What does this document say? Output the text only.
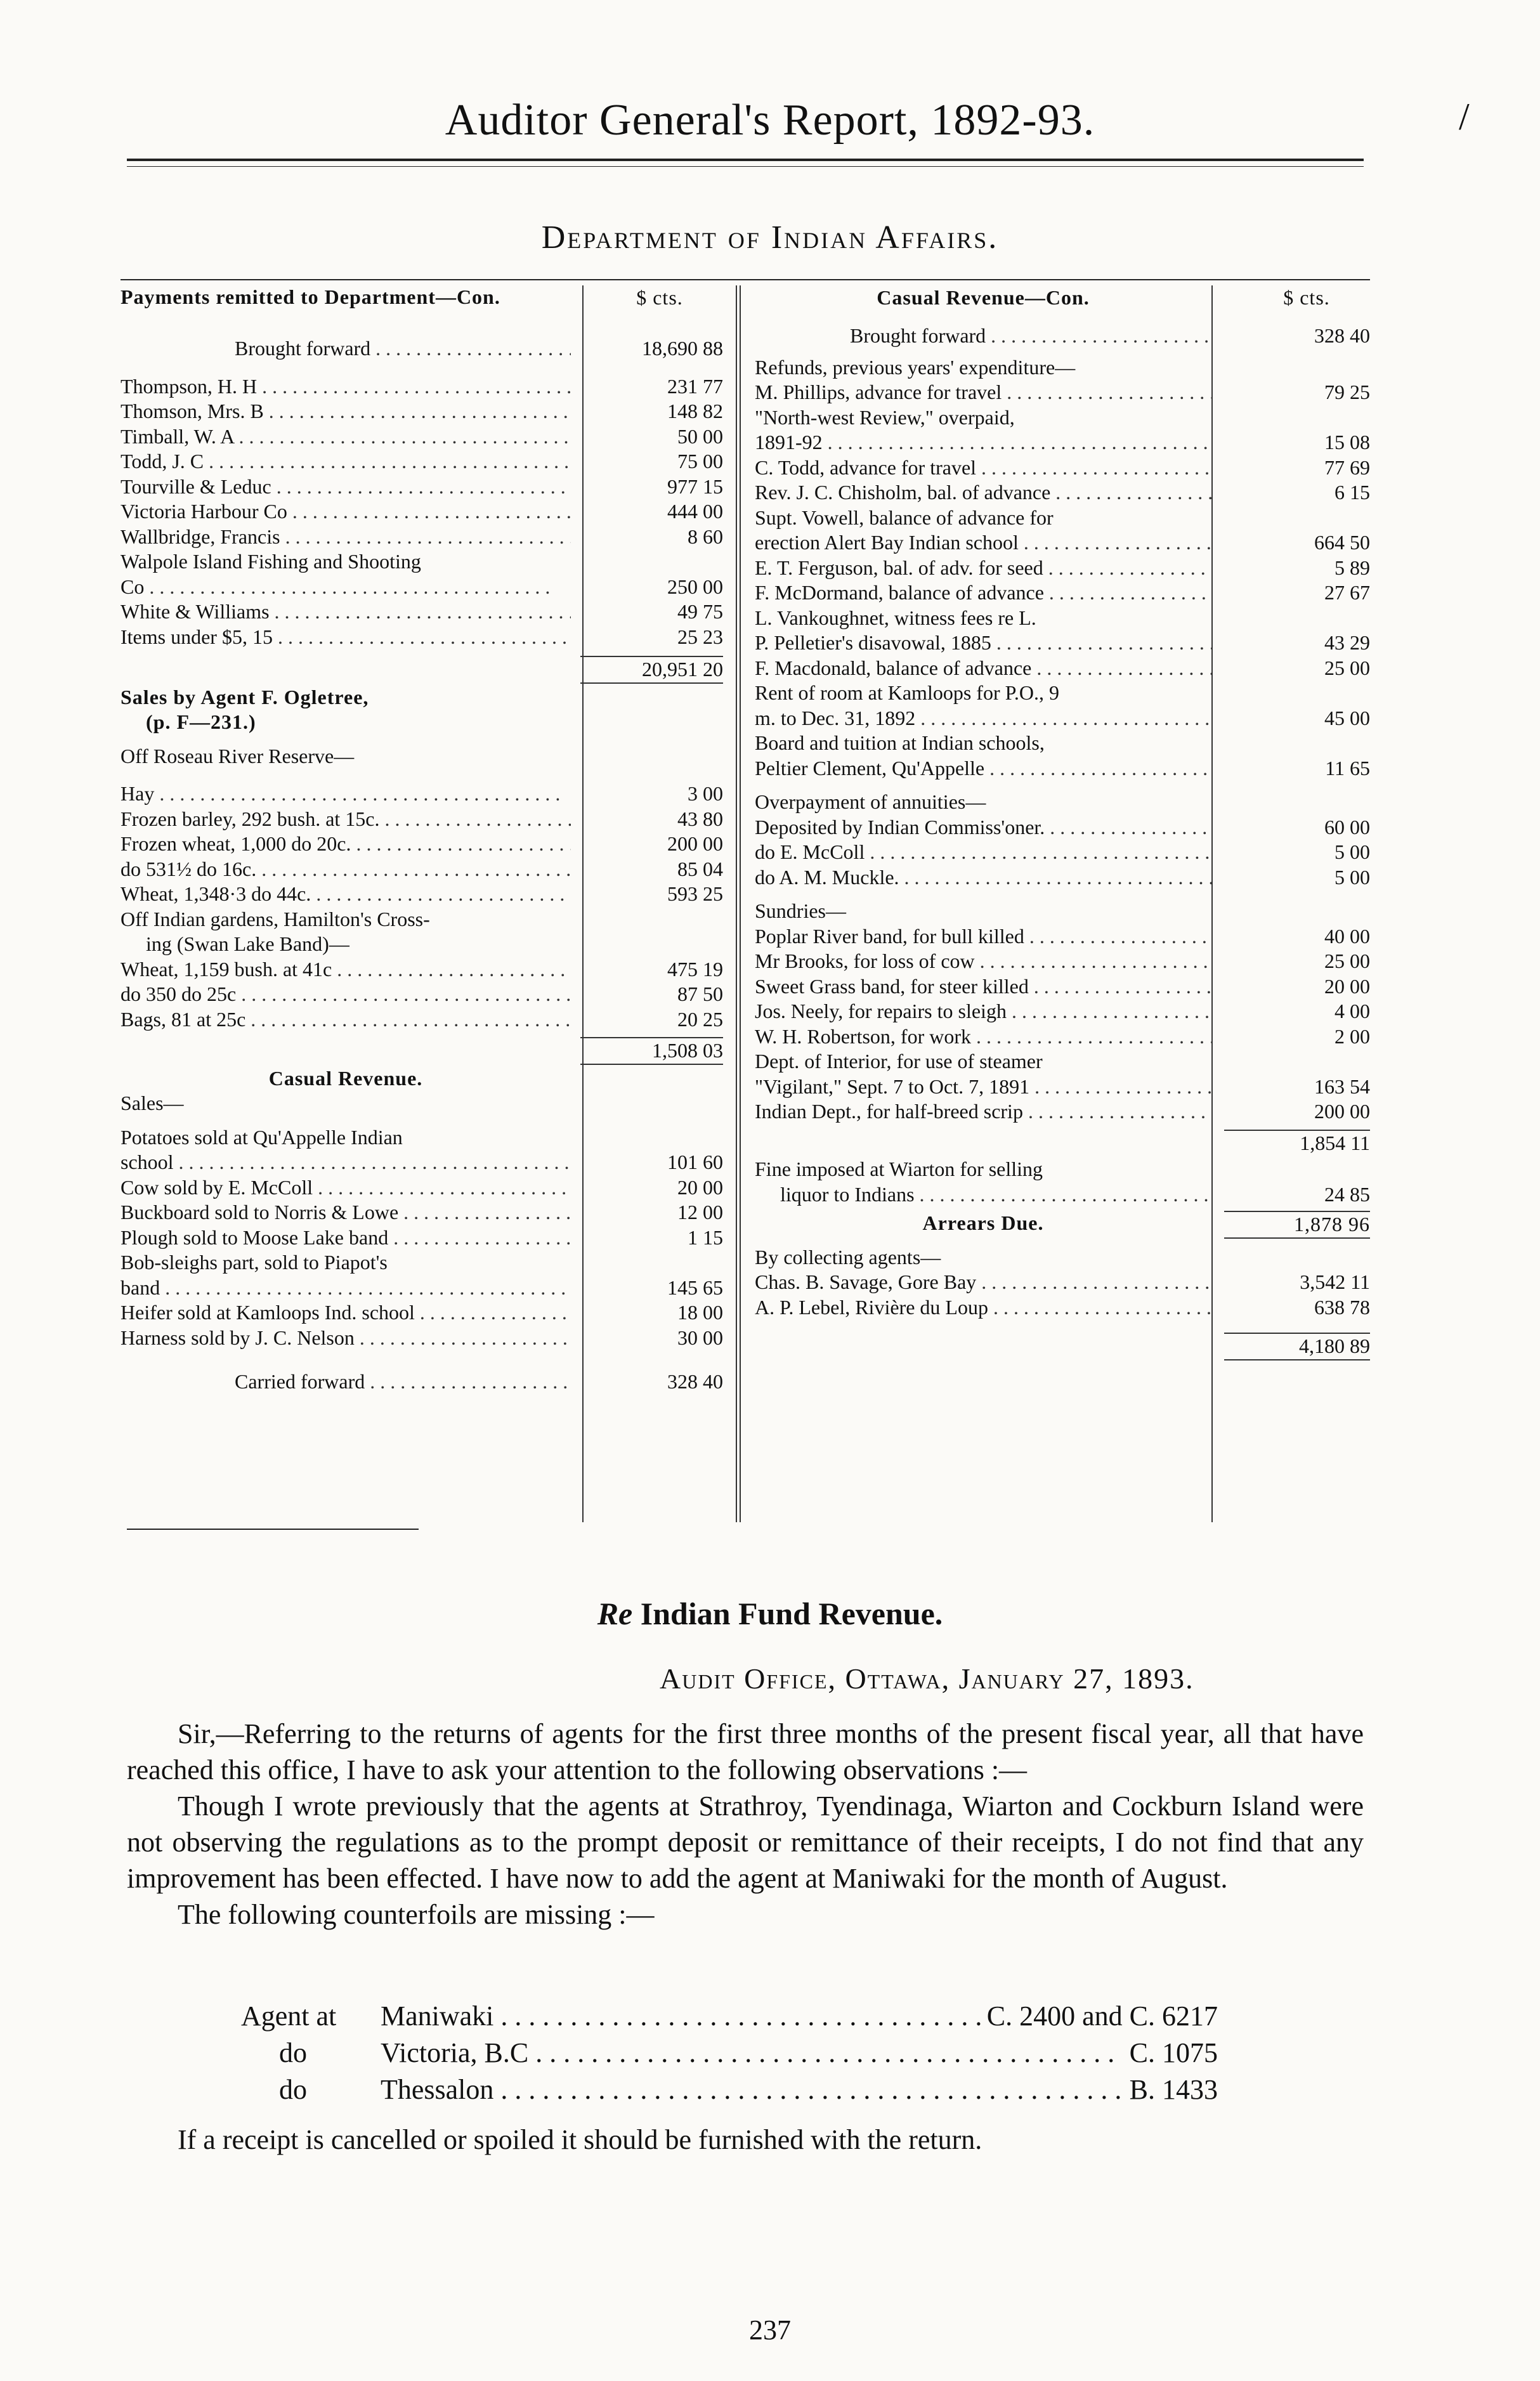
Auditor General's Report, 1892-93.	/
Department of Indian Affairs.
Payments remitted to Department—Con.	$ cts.
Brought forward . . .	18,690 88
Thompson, H. H . . .	231 77
Thomson, Mrs. B . . .	148 82
Timball, W. A . . .	50 00
Todd, J. C . . .	75 00
Tourville & Leduc . . .	977 15
Victoria Harbour Co . . .	444 00
Wallbridge, Francis . . .	8 60
Walpole Island Fishing and Shooting
Co . . .	250 00
White & Williams . . .	49 75
Items under $5, 15 . . .	25 23
20,951 20
Sales by Agent F. Ogletree,
(p. F—231.)
Off Roseau River Reserve—
Hay . . .	3 00
Frozen barley, 292 bush. at 15c. . . .	43 80
Frozen wheat, 1,000 do 20c. . . .	200 00
do 531½ do 16c. . . .	85 04
Wheat, 1,348·3 do 44c. . . .	593 25
Off Indian gardens, Hamilton's Cross-
ing (Swan Lake Band)—
Wheat, 1,159 bush. at 41c . . .	475 19
do 350 do 25c . . .	87 50
Bags, 81 at 25c . . .	20 25
1,508 03
Casual Revenue.
Sales—
Potatoes sold at Qu'Appelle Indian
school . . .	101 60
Cow sold by E. McColl . . .	20 00
Buckboard sold to Norris & Lowe . . .	12 00
Plough sold to Moose Lake band . . .	1 15
Bob-sleighs part, sold to Piapot's
band . . .	145 65
Heifer sold at Kamloops Ind. school . . .	18 00
Harness sold by J. C. Nelson . . .	30 00
Carried forward . . .	328 40
Casual Revenue—Con.	$ cts.
Brought forward . . .	328 40
Refunds, previous years' expenditure—
M. Phillips, advance for travel . . .	79 25
"North-west Review," overpaid,
1891-92 . . .	15 08
C. Todd, advance for travel . . .	77 69
Rev. J. C. Chisholm, bal. of advance . . .	6 15
Supt. Vowell, balance of advance for
erection Alert Bay Indian school . . .	664 50
E. T. Ferguson, bal. of adv. for seed . . .	5 89
F. McDormand, balance of advance . . .	27 67
L. Vankoughnet, witness fees re L.
P. Pelletier's disavowal, 1885 . . .	43 29
F. Macdonald, balance of advance . . .	25 00
Rent of room at Kamloops for P.O., 9
m. to Dec. 31, 1892 . . .	45 00
Board and tuition at Indian schools,
Peltier Clement, Qu'Appelle . . .	11 65
Overpayment of annuities—
Deposited by Indian Commiss'oner. . . .	60 00
do E. McColl . . .	5 00
do A. M. Muckle. . . .	5 00
Sundries—
Poplar River band, for bull killed . . .	40 00
Mr Brooks, for loss of cow . . .	25 00
Sweet Grass band, for steer killed . . .	20 00
Jos. Neely, for repairs to sleigh . . .	4 00
W. H. Robertson, for work . . .	2 00
Dept. of Interior, for use of steamer
"Vigilant," Sept. 7 to Oct. 7, 1891 . . .	163 54
Indian Dept., for half-breed scrip . . .	200 00
1,854 11
Fine imposed at Wiarton for selling
liquor to Indians . . .	24 85
Arrears Due.	1,878 96
By collecting agents—
Chas. B. Savage, Gore Bay . . .	3,542 11
A. P. Lebel, Rivière du Loup . . .	638 78
4,180 89
Re Indian Fund Revenue.
Audit Office, Ottawa, January 27, 1893.

Sir,—Referring to the returns of agents for the first three months of the present fiscal year, all that have reached this office, I have to ask your attention to the following observations :—

Though I wrote previously that the agents at Strathroy, Tyendinaga, Wiarton and Cockburn Island were not observing the regulations as to the prompt deposit or remittance of their receipts, I do not find that any improvement has been effected. I have now to add the agent at Maniwaki for the month of August.

The following counterfoils are missing :—

Agent at	Maniwaki . . .	C. 2400 and C. 6217
do	Victoria, B.C . . .	C. 1075
do	Thessalon . . .	B. 1433
If a receipt is cancelled or spoiled it should be furnished with the return.
237
